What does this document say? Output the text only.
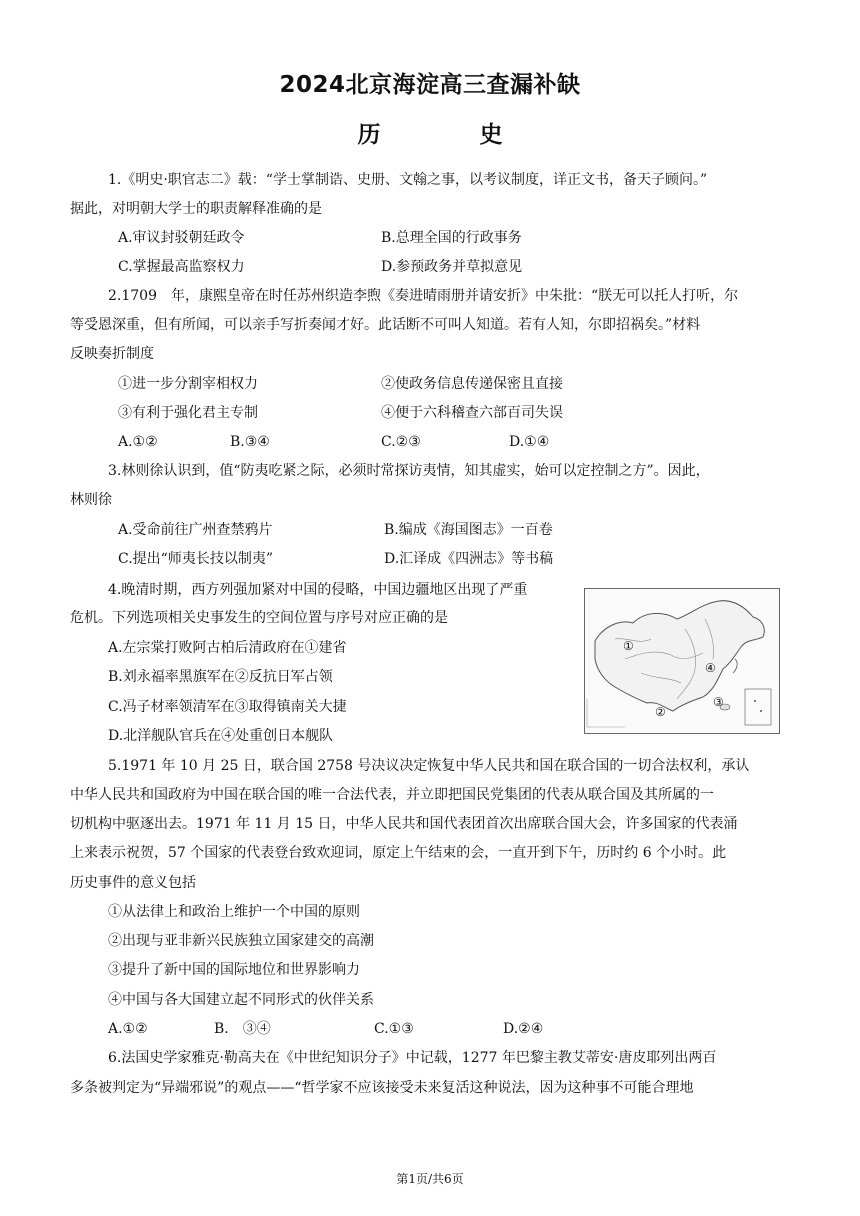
2024北京海淀高三查漏补缺
历　史
1.《明史·职官志二》载：“学士掌制诰、史册、文翰之事，以考议制度，详正文书，备天子顾问。”
据此，对明朝大学士的职责解释准确的是
A.审议封驳朝廷政令	B.总理全国的行政事务
C.掌握最高监察权力	D.参预政务并草拟意见
2.1709　年，康熙皇帝在时任苏州织造李煦《奏进晴雨册并请安折》中朱批：“朕无可以托人打听，尔
等受恩深重，但有所闻，可以亲手写折奏闻才好。此话断不可叫人知道。若有人知，尔即招祸矣。”材料
反映奏折制度
①进一步分割宰相权力	②使政务信息传递保密且直接
③有利于强化君主专制	④便于六科稽查六部百司失误
A.①②	B.③④	C.②③	D.①④
3.林则徐认识到，值“防夷吃紧之际，必须时常探访夷情，知其虚实，始可以定控制之方”。因此，
林则徐
A.受命前往广州查禁鸦片	B.编成《海国图志》一百卷
C.提出“师夷长技以制夷”	D.汇译成《四洲志》等书稿
4.晚清时期，西方列强加紧对中国的侵略，中国边疆地区出现了严重
危机。下列选项相关史事发生的空间位置与序号对应正确的是
A.左宗棠打败阿古柏后清政府在①建省
B.刘永福率黑旗军在②反抗日军占领
C.冯子材率领清军在③取得镇南关大捷
D.北洋舰队官兵在④处重创日本舰队
①
④
②
③
5.1971 年 10 月 25 日，联合国 2758 号决议决定恢复中华人民共和国在联合国的一切合法权利，承认
中华人民共和国政府为中国在联合国的唯一合法代表，并立即把国民党集团的代表从联合国及其所属的一
切机构中驱逐出去。1971 年 11 月 15 日，中华人民共和国代表团首次出席联合国大会，许多国家的代表涌
上来表示祝贺，57 个国家的代表登台致欢迎词，原定上午结束的会，一直开到下午，历时约 6 个小时。此
历史事件的意义包括
①从法律上和政治上维护一个中国的原则
②出现与亚非新兴民族独立国家建交的高潮
③提升了新中国的国际地位和世界影响力
④中国与各大国建立起不同形式的伙伴关系
A.①②	B.　③④	C.①③	D.②④
6.法国史学家雅克·勒高夫在《中世纪知识分子》中记载，1277 年巴黎主教艾蒂安·唐皮耶列出两百
多条被判定为“异端邪说”的观点——“哲学家不应该接受未来复活这种说法，因为这种事不可能合理地
第1页/共6页
